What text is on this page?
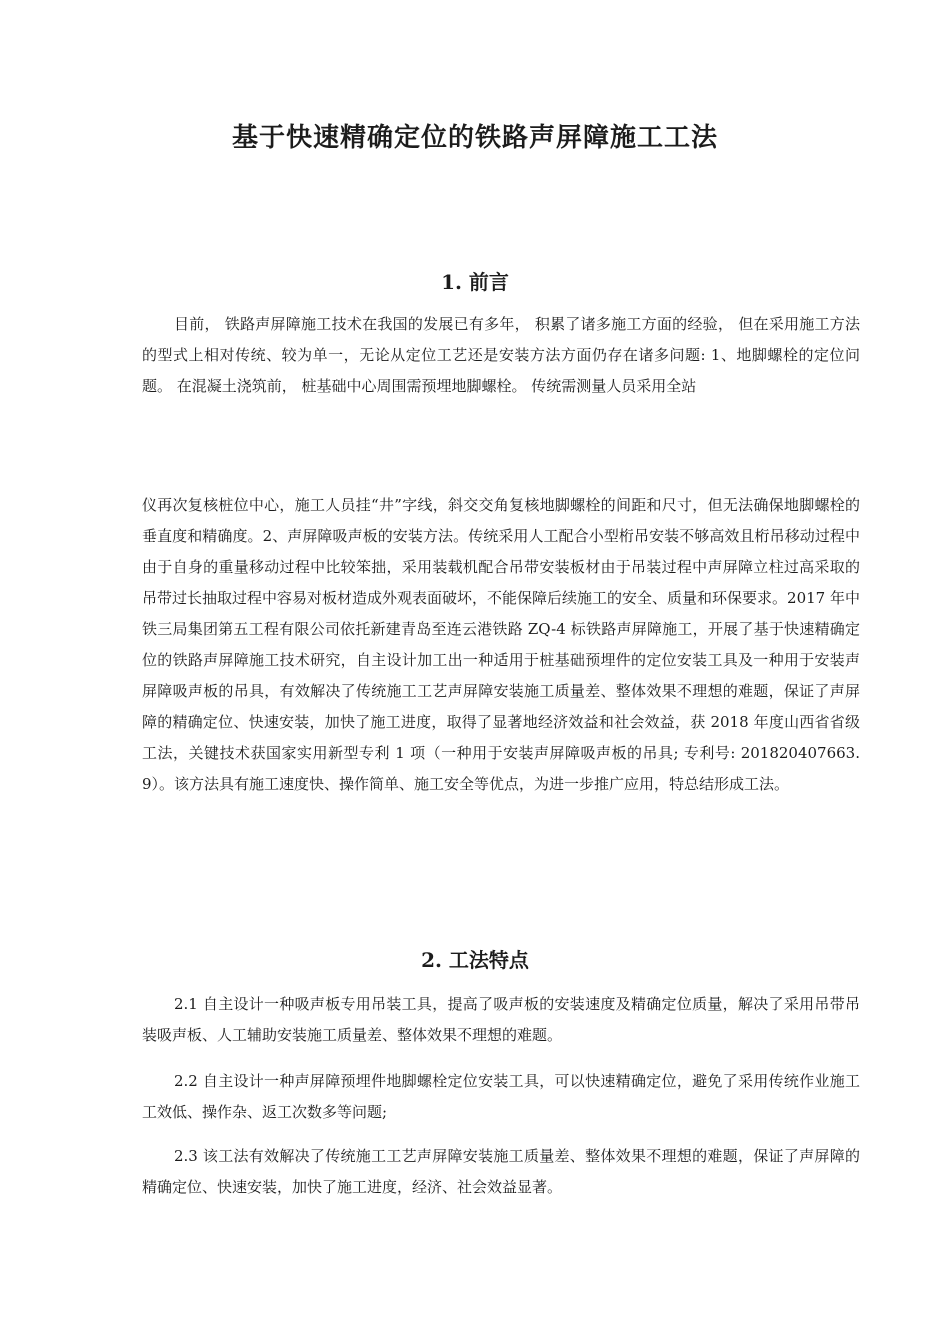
基于快速精确定位的铁路声屏障施工工法
1. 前言

目前， 铁路声屏障施工技术在我国的发展已有多年， 积累了诸多施工方面的经验， 但在采用施工方法的型式上相对传统、较为单一，无论从定位工艺还是安装方法方面仍存在诸多问题: 1、地脚螺栓的定位问题。 在混凝土浇筑前， 桩基础中心周围需预埋地脚螺栓。 传统需测量人员采用全站

仪再次复核桩位中心，施工人员挂“井”字线，斜交交角复核地脚螺栓的间距和尺寸，但无法确保地脚螺栓的垂直度和精确度。2、声屏障吸声板的安装方法。传统采用人工配合小型桁吊安装不够高效且桁吊移动过程中由于自身的重量移动过程中比较笨拙，采用装载机配合吊带安装板材由于吊装过程中声屏障立柱过高采取的吊带过长抽取过程中容易对板材造成外观表面破坏，不能保障后续施工的安全、质量和环保要求。2017 年中铁三局集团第五工程有限公司依托新建青岛至连云港铁路 ZQ-4 标铁路声屏障施工，开展了基于快速精确定位的铁路声屏障施工技术研究，自主设计加工出一种适用于桩基础预埋件的定位安装工具及一种用于安装声屏障吸声板的吊具，有效解决了传统施工工艺声屏障安装施工质量差、整体效果不理想的难题，保证了声屏障的精确定位、快速安装，加快了施工进度，取得了显著地经济效益和社会效益，获 2018 年度山西省省级工法，关键技术获国家实用新型专利 1 项（一种用于安装声屏障吸声板的吊具; 专利号: 201820407663.9）。该方法具有施工速度快、操作简单、施工安全等优点，为进一步推广应用，特总结形成工法。

2. 工法特点

2.1 自主设计一种吸声板专用吊装工具，提高了吸声板的安装速度及精确定位质量，解决了采用吊带吊装吸声板、人工辅助安装施工质量差、整体效果不理想的难题。

2.2 自主设计一种声屏障预埋件地脚螺栓定位安装工具，可以快速精确定位，避免了采用传统作业施工工效低、操作杂、返工次数多等问题;

2.3 该工法有效解决了传统施工工艺声屏障安装施工质量差、整体效果不理想的难题，保证了声屏障的精确定位、快速安装，加快了施工进度，经济、社会效益显著。
